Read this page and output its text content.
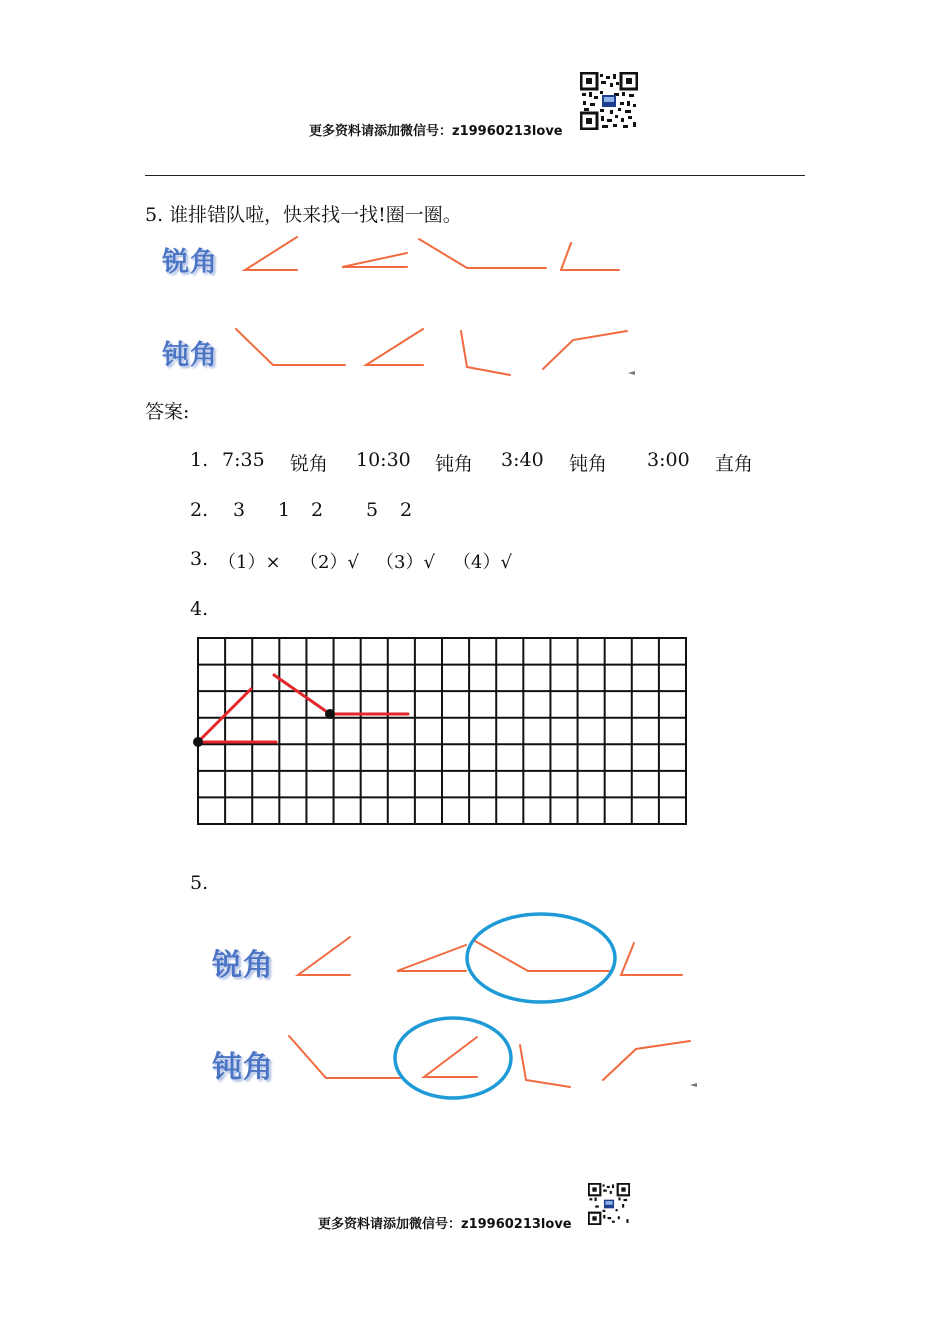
更多资料请添加微信号：z19960213love
5. 谁排错队啦，快来找一找!圈一圈。
锐角
钝角
答案:
1. 7:35 锐角 10:30 钝角 3:40 钝角 3:00 直角
2. 3 1 2 5 2
3. （1）× （2）√ （3）√ （4）√
4.
5.
锐角
钝角
更多资料请添加微信号：z19960213love
